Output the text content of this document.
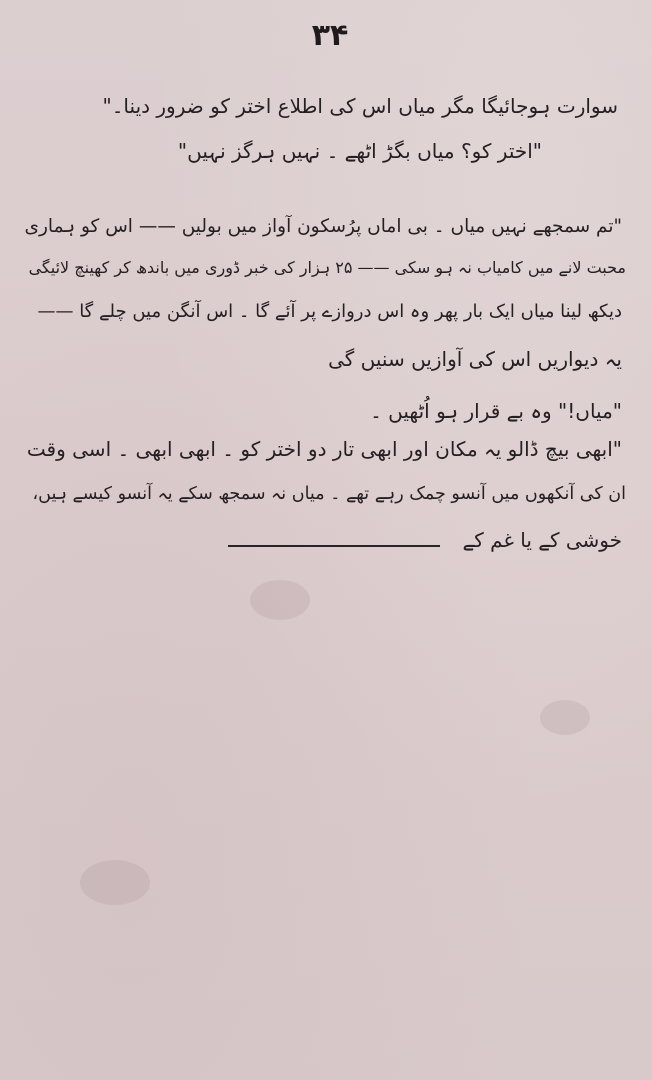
۳۴
سوارت ہوجائیگا مگر میاں اس کی اطلاع اختر کو ضرور دینا۔"
"اختر کو؟ میاں بگڑ اٹھے ۔ نہیں ہرگز نہیں"
"تم سمجھے نہیں میاں ۔ بی اماں پرُسکون آواز میں بولیں —— اس کو ہماری
محبت لانے میں کامیاب نہ ہو سکی —— ۲۵ ہزار کی خبر ڈوری میں باندھ کر کھینچ لائیگی
دیکھ لینا میاں ایک بار پھر وہ اس دروازے پر آئے گا ۔ اس آنگن میں چلے گا ——
یہ دیواریں اس کی آوازیں سنیں گی
"میاں!" وہ بے قرار ہو اُٹھیں ۔
"ابھی بیچ ڈالو یہ مکان اور ابھی تار دو اختر کو ۔ ابھی ابھی ۔ اسی وقت
ان کی آنکھوں میں آنسو چمک رہے تھے ۔ میاں نہ سمجھ سکے یہ آنسو کیسے ہیں،
خوشی کے یا غم کے
